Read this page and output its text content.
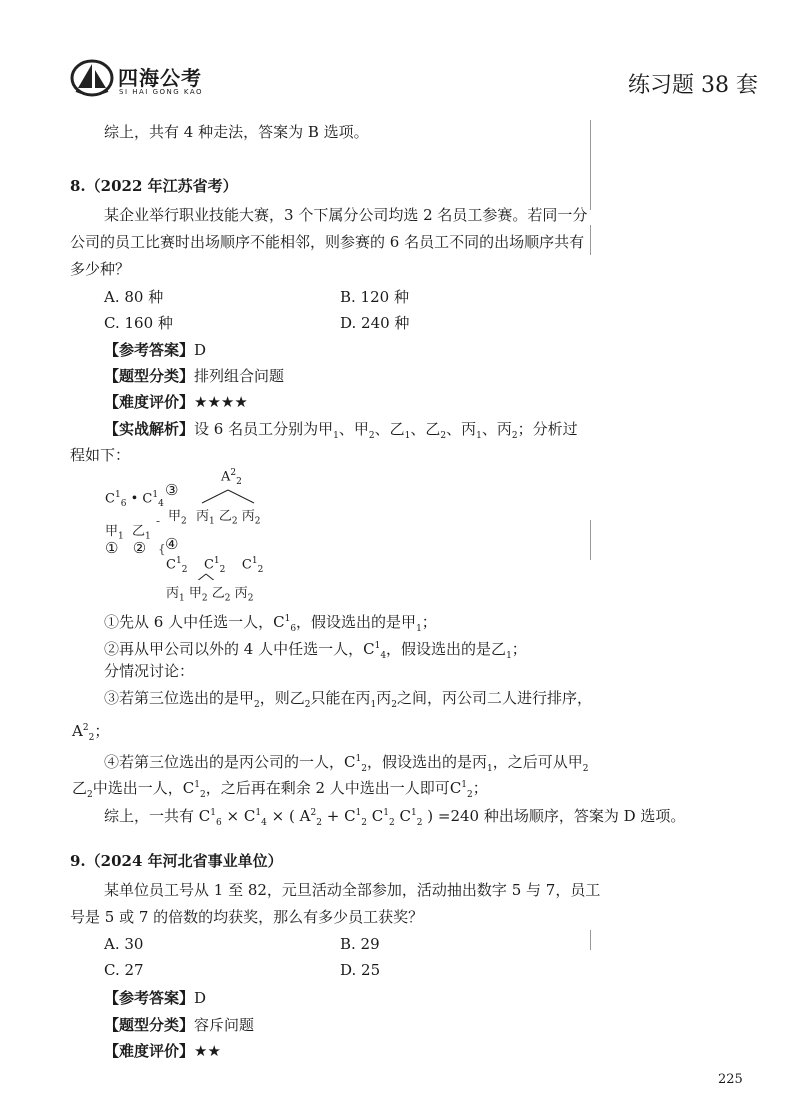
四海公考
SI HAI GONG KAO	练习题 38 套
综上，共有 4 种走法，答案为 B 选项。
8.（2022 年江苏省考）
某企业举行职业技能大赛，3 个下属分公司均选 2 名员工参赛。若同一分
公司的员工比赛时出场顺序不能相邻，则参赛的 6 名员工不同的出场顺序共有
多少种？
A. 80 种	B. 120 种
C. 160 种	D. 240 种
【参考答案】D
【题型分类】排列组合问题
【难度评价】★★★★
【实战解析】设 6 名员工分别为甲$_1$、甲$_2$、乙$_1$、乙$_2$、丙$_1$、丙$_2$；分析过
程如下：
-
{
$C^1_6$ • $C^1_4$
甲$_1$ 乙$_1$
① ②
③
$A^2_2$
甲$_2$ 丙$_1$ 乙$_2$ 丙$_2$
④
$C^1_2$ $C^1_2$ $C^1_2$
丙$_1$ 甲$_2$ 乙$_2$ 丙$_2$
①先从 6 人中任选一人，$C^1_6$，假设选出的是甲$_1$；
②再从甲公司以外的 4 人中任选一人，$C^1_4$，假设选出的是乙$_1$；
分情况讨论：
③若第三位选出的是甲$_2$，则乙$_2$只能在丙$_1$丙$_2$之间，丙公司二人进行排序，
$A^2_2$；
④若第三位选出的是丙公司的一人，$C^1_2$，假设选出的是丙$_1$，之后可从甲$_2$
乙$_2$中选出一人，$C^1_2$，之后再在剩余 2 人中选出一人即可$C^1_2$；
综上，一共有 $C^1_6 \times C^1_4$ × ( $A^2_2 + C^1_2$ $C^1_2$ $C^1_2$ ) =240 种出场顺序，答案为 D 选项。
9.（2024 年河北省事业单位）
某单位员工号从 1 至 82，元旦活动全部参加，活动抽出数字 5 与 7，员工
号是 5 或 7 的倍数的均获奖，那么有多少员工获奖？
A. 30	B. 29
C. 27	D. 25
【参考答案】D
【题型分类】容斥问题
【难度评价】★★
225
